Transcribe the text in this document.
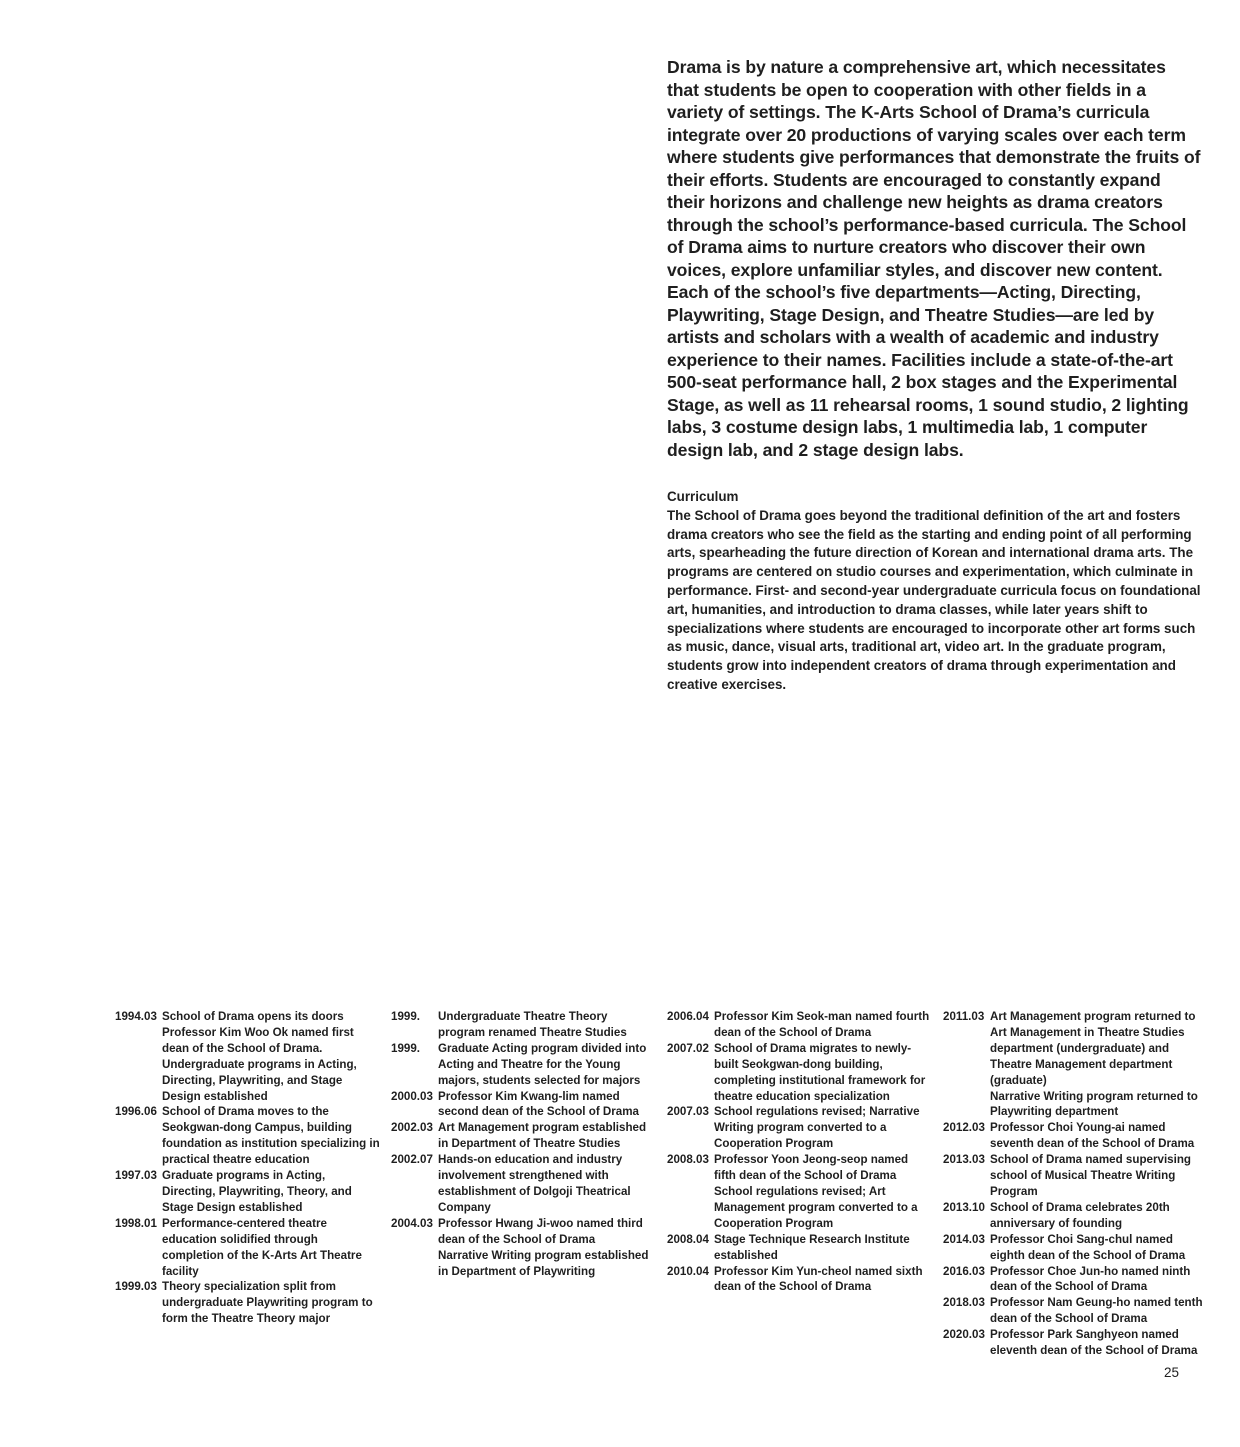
Drama is by nature a comprehensive art, which necessitates that students be open to cooperation with other fields in a variety of settings. The K-Arts School of Drama’s curricula integrate over 20 productions of varying scales over each term where students give performances that demonstrate the fruits of their efforts. Students are encouraged to constantly expand their horizons and challenge new heights as drama creators through the school’s performance-based curricula. The School of Drama aims to nurture creators who discover their own voices, explore unfamiliar styles, and discover new content. Each of the school’s five departments—Acting, Directing, Playwriting, Stage Design, and Theatre Studies—are led by artists and scholars with a wealth of academic and industry experience to their names. Facilities include a state-of-the-art 500-seat performance hall, 2 box stages and the Experimental Stage, as well as 11 rehearsal rooms, 1 sound studio, 2 lighting labs, 3 costume design labs, 1 multimedia lab, 1 computer design lab, and 2 stage design labs.

Curriculum

The School of Drama goes beyond the traditional definition of the art and fosters drama creators who see the field as the starting and ending point of all performing arts, spearheading the future direction of Korean and international drama arts. The programs are centered on studio courses and experimentation, which culminate in performance. First- and second-year undergraduate curricula focus on foundational art, humanities, and introduction to drama classes, while later years shift to specializations where students are encouraged to incorporate other art forms such as music, dance, visual arts, traditional art, video art. In the graduate program, students grow into independent creators of drama through experimentation and creative exercises.

1994.03 School of Drama opens its doors
Professor Kim Woo Ok named first dean of the School of Drama. Undergraduate programs in Acting, Directing, Playwriting, and Stage Design established
1996.06 School of Drama moves to the Seokgwan-dong Campus, building foundation as institution specializing in practical theatre education
1997.03 Graduate programs in Acting, Directing, Playwriting, Theory, and Stage Design established
1998.01 Performance-centered theatre education solidified through completion of the K-Arts Art Theatre facility
1999.03 Theory specialization split from undergraduate Playwriting program to form the Theatre Theory major
1999.	Undergraduate Theatre Theory program renamed Theatre Studies
1999.	Graduate Acting program divided into Acting and Theatre for the Young majors, students selected for majors
2000.03 Professor Kim Kwang-lim named second dean of the School of Drama
2002.03 Art Management program established in Department of Theatre Studies
2002.07 Hands-on education and industry involvement strengthened with establishment of Dolgoji Theatrical Company
2004.03 Professor Hwang Ji-woo named third dean of the School of Drama
Narrative Writing program established in Department of Playwriting
2006.04 Professor Kim Seok-man named fourth dean of the School of Drama
2007.02 School of Drama migrates to newly-built Seokgwan-dong building, completing institutional framework for theatre education specialization
2007.03 School regulations revised; Narrative Writing program converted to a Cooperation Program
2008.03 Professor Yoon Jeong-seop named fifth dean of the School of Drama
School regulations revised; Art Management program converted to a Cooperation Program
2008.04 Stage Technique Research Institute established
2010.04 Professor Kim Yun-cheol named sixth dean of the School of Drama
2011.03 Art Management program returned to Art Management in Theatre Studies department (undergraduate) and Theatre Management department (graduate)
Narrative Writing program returned to Playwriting department
2012.03 Professor Choi Young-ai named seventh dean of the School of Drama
2013.03 School of Drama named supervising school of Musical Theatre Writing Program
2013.10 School of Drama celebrates 20th anniversary of founding
2014.03 Professor Choi Sang-chul named eighth dean of the School of Drama
2016.03 Professor Choe Jun-ho named ninth dean of the School of Drama
2018.03 Professor Nam Geung-ho named tenth dean of the School of Drama
2020.03 Professor Park Sanghyeon named eleventh dean of the School of Drama
25
